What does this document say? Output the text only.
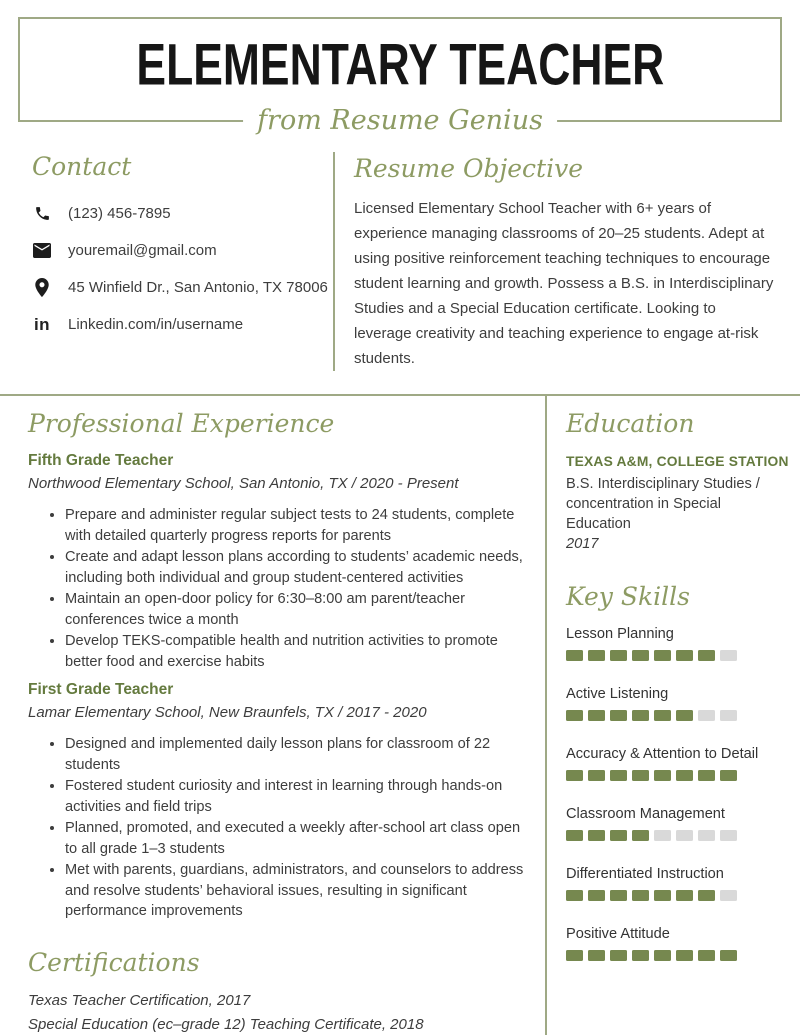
ELEMENTARY TEACHER
from Resume Genius
Contact
(123) 456-7895
youremail@gmail.com
45 Winfield Dr., San Antonio, TX 78006
in Linkedin.com/in/username
Resume Objective
Licensed Elementary School Teacher with 6+ years of experience managing classrooms of 20–25 students. Adept at using positive reinforcement teaching techniques to encourage student learning and growth. Possess a B.S. in Interdisciplinary Studies and a Special Education certificate. Looking to leverage creativity and teaching experience to engage at-risk students.
Professional Experience
Fifth Grade Teacher
Northwood Elementary School, San Antonio, TX / 2020 - Present
• Prepare and administer regular subject tests to 24 students, complete with detailed quarterly progress reports for parents
• Create and adapt lesson plans according to students’ academic needs, including both individual and group student-centered activities
• Maintain an open-door policy for 6:30–8:00 am parent/teacher conferences twice a month
• Develop TEKS-compatible health and nutrition activities to promote better food and exercise habits
First Grade Teacher
Lamar Elementary School, New Braunfels, TX / 2017 - 2020
• Designed and implemented daily lesson plans for classroom of 22 students
• Fostered student curiosity and interest in learning through hands-on activities and field trips
• Planned, promoted, and executed a weekly after-school art class open to all grade 1–3 students
• Met with parents, guardians, administrators, and counselors to address and resolve students’ behavioral issues, resulting in significant performance improvements
Certifications
Texas Teacher Certification, 2017
Special Education (ec–grade 12) Teaching Certificate, 2018
Education
TEXAS A&M, COLLEGE STATION
B.S. Interdisciplinary Studies / concentration in Special Education
2017
Key Skills
Lesson Planning
Active Listening
Accuracy & Attention to Detail
Classroom Management
Differentiated Instruction
Positive Attitude
